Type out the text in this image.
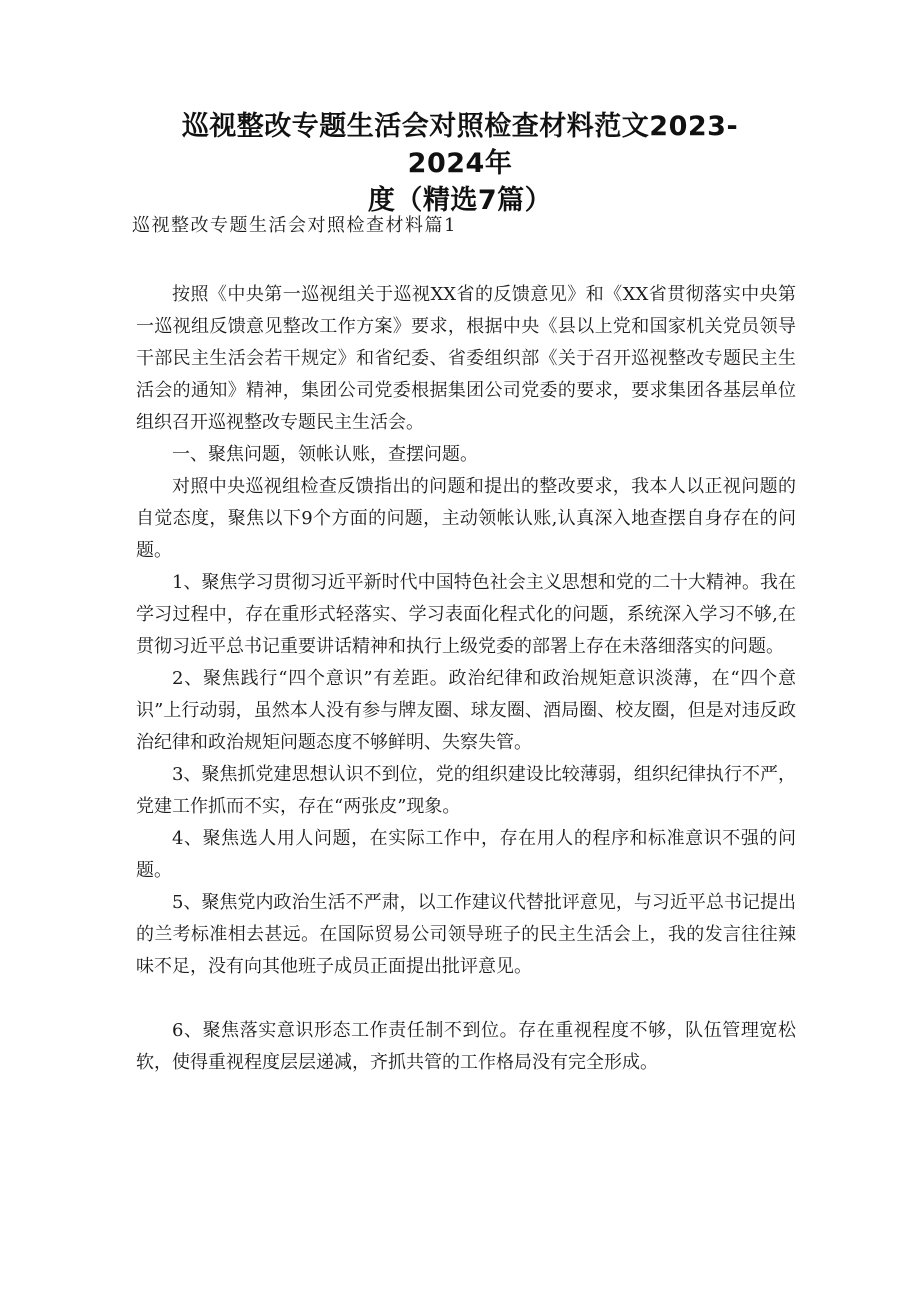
巡视整改专题生活会对照检查材料范文2023-2024年
度（精选7篇）

巡视整改专题生活会对照检查材料篇1

按照《中央第一巡视组关于巡视XX省的反馈意见》和《XX省贯彻落实中央第一巡视组反馈意见整改工作方案》要求，根据中央《县以上党和国家机关党员领导干部民主生活会若干规定》和省纪委、省委组织部《关于召开巡视整改专题民主生活会的通知》精神，集团公司党委根据集团公司党委的要求，要求集团各基层单位组织召开巡视整改专题民主生活会。

一、聚焦问题，领帐认账，查摆问题。

对照中央巡视组检查反馈指出的问题和提出的整改要求，我本人以正视问题的自觉态度，聚焦以下9个方面的问题，主动领帐认账,认真深入地查摆自身存在的问题。

1、聚焦学习贯彻习近平新时代中国特色社会主义思想和党的二十大精神。我在学习过程中，存在重形式轻落实、学习表面化程式化的问题，系统深入学习不够,在贯彻习近平总书记重要讲话精神和执行上级党委的部署上存在未落细落实的问题。

2、聚焦践行“四个意识”有差距。政治纪律和政治规矩意识淡薄，在“四个意识”上行动弱，虽然本人没有参与牌友圈、球友圈、酒局圈、校友圈，但是对违反政治纪律和政治规矩问题态度不够鲜明、失察失管。

3、聚焦抓党建思想认识不到位，党的组织建设比较薄弱，组织纪律执行不严，党建工作抓而不实，存在“两张皮”现象。

4、聚焦选人用人问题，在实际工作中，存在用人的程序和标准意识不强的问题。

5、聚焦党内政治生活不严肃，以工作建议代替批评意见，与习近平总书记提出的兰考标准相去甚远。在国际贸易公司领导班子的民主生活会上，我的发言往往辣味不足，没有向其他班子成员正面提出批评意见。

6、聚焦落实意识形态工作责任制不到位。存在重视程度不够，队伍管理宽松软，使得重视程度层层递减，齐抓共管的工作格局没有完全形成。
